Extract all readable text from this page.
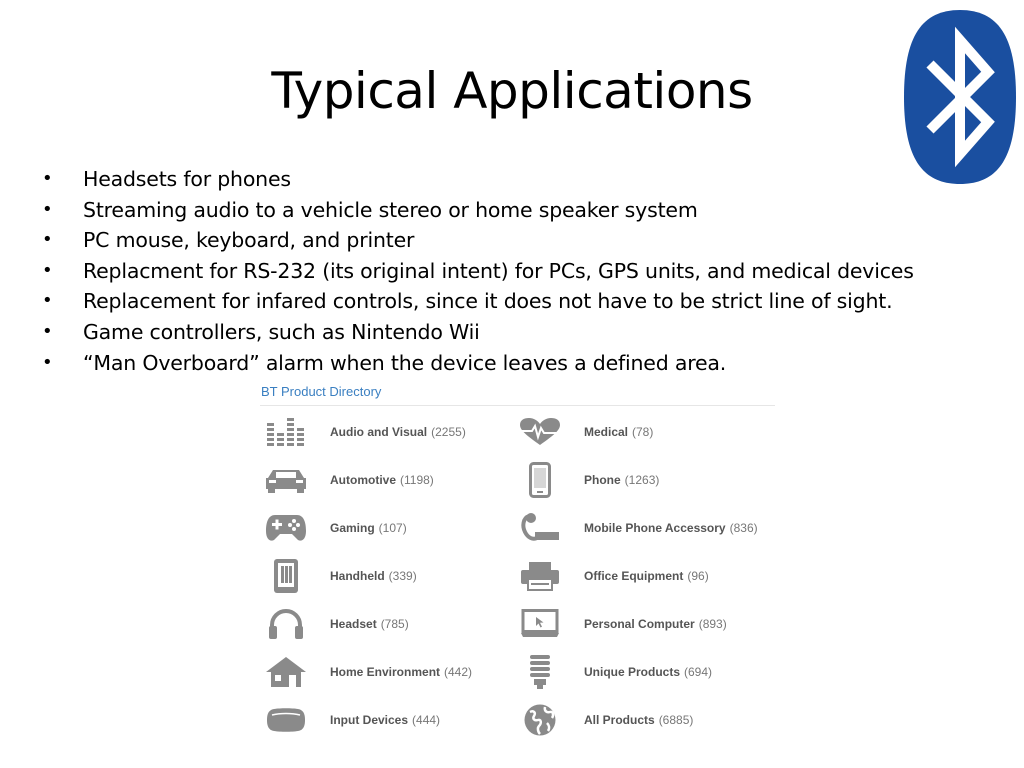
Typical Applications
• Headsets for phones
• Streaming audio to a vehicle stereo or home speaker system
• PC mouse, keyboard, and printer
• Replacment for RS-232 (its original intent) for PCs, GPS units, and medical devices
• Replacement for infared controls, since it does not have to be strict line of sight.
• Game controllers, such as Nintendo Wii
• “Man Overboard” alarm when the device leaves a defined area.
BT Product Directory
Audio and Visual (2255)
Automotive (1198)
Gaming (107)
Handheld (339)
Headset (785)
Home Environment (442)
Input Devices (444)
Medical (78)
Phone (1263)
Mobile Phone Accessory (836)
Office Equipment (96)
Personal Computer (893)
Unique Products (694)
All Products (6885)
